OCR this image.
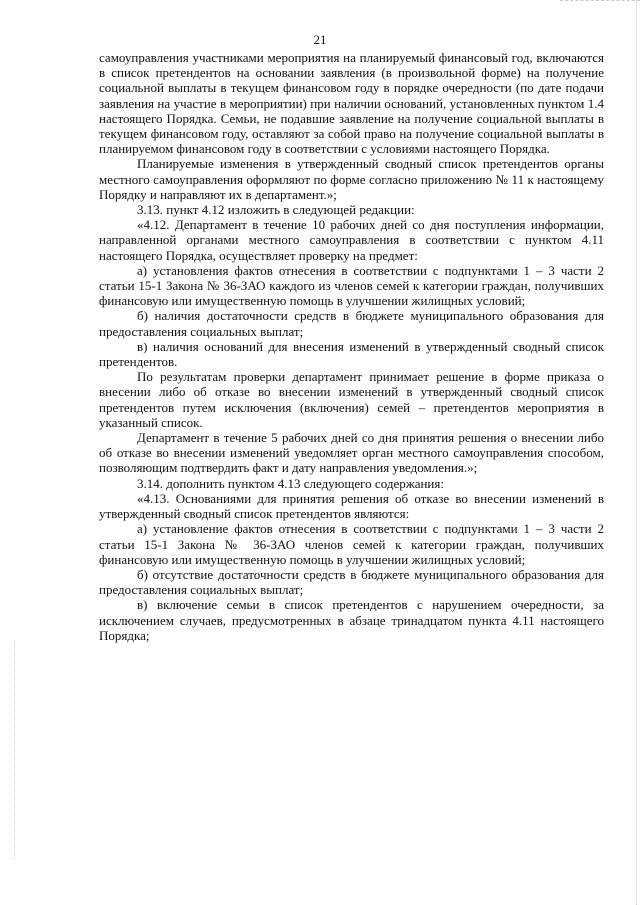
21

самоуправления участниками мероприятия на планируемый финансовый год, включаются в список претендентов на основании заявления (в произвольной форме) на получение социальной выплаты в текущем финансовом году в порядке очередности (по дате подачи заявления на участие в мероприятии) при наличии оснований, установленных пунктом 1.4 настоящего Порядка. Семьи, не подавшие заявление на получение социальной выплаты в текущем финансовом году, оставляют за собой право на получение социальной выплаты в планируемом финансовом году в соответствии с условиями настоящего Порядка.

Планируемые изменения в утвержденный сводный список претендентов органы местного самоуправления оформляют по форме согласно приложению № 11 к настоящему Порядку и направляют их в департамент.»;

3.13. пункт 4.12 изложить в следующей редакции:

«4.12. Департамент в течение 10 рабочих дней со дня поступления информации, направленной органами местного самоуправления в соответствии с пунктом 4.11 настоящего Порядка, осуществляет проверку на предмет:

а) установления фактов отнесения в соответствии с подпунктами 1 – 3 части 2 статьи 15-1 Закона № 36-ЗАО каждого из членов семей к категории граждан, получивших финансовую или имущественную помощь в улучшении жилищных условий;

б) наличия достаточности средств в бюджете муниципального образования для предоставления социальных выплат;

в) наличия оснований для внесения изменений в утвержденный сводный список претендентов.

По результатам проверки департамент принимает решение в форме приказа о внесении либо об отказе во внесении изменений в утвержденный сводный список претендентов путем исключения (включения) семей – претендентов мероприятия в указанный список.

Департамент в течение 5 рабочих дней со дня принятия решения о внесении либо об отказе во внесении изменений уведомляет орган местного самоуправления способом, позволяющим подтвердить факт и дату направления уведомления.»;

3.14. дополнить пунктом 4.13 следующего содержания:

«4.13. Основаниями для принятия решения об отказе во внесении изменений в утвержденный сводный список претендентов являются:

а) установление фактов отнесения в соответствии с подпунктами 1 – 3 части 2 статьи 15-1 Закона № 36-ЗАО членов семей к категории граждан, получивших финансовую или имущественную помощь в улучшении жилищных условий;

б) отсутствие достаточности средств в бюджете муниципального образования для предоставления социальных выплат;

в) включение семьи в список претендентов с нарушением очередности, за исключением случаев, предусмотренных в абзаце тринадцатом пункта 4.11 настоящего Порядка;
